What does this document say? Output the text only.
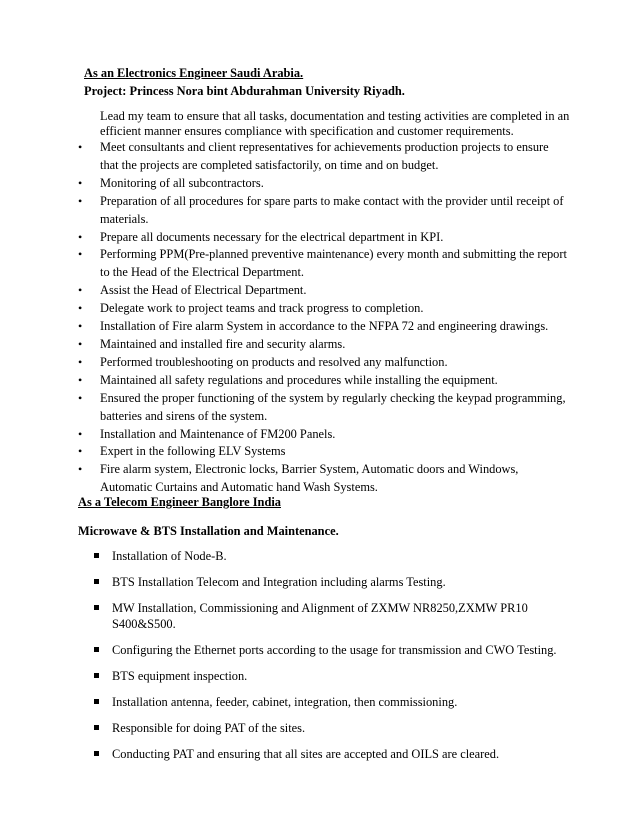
As an Electronics Engineer Saudi Arabia.
Project: Princess Nora bint Abdurahman University Riyadh.
Lead my team to ensure that all tasks, documentation and testing activities are completed in an efficient manner ensures compliance with specification and customer requirements.
• Meet consultants and client representatives for achievements production projects to ensure that the projects are completed satisfactorily, on time and on budget.
• Monitoring of all subcontractors.
• Preparation of all procedures for spare parts to make contact with the provider until receipt of materials.
• Prepare all documents necessary for the electrical department in KPI.
• Performing PPM(Pre-planned preventive maintenance) every month and submitting the report to the Head of the Electrical Department.
• Assist the Head of Electrical Department.
• Delegate work to project teams and track progress to completion.
• Installation of Fire alarm System in accordance to the NFPA 72 and engineering drawings.
• Maintained and installed fire and security alarms.
• Performed troubleshooting on products and resolved any malfunction.
• Maintained all safety regulations and procedures while installing the equipment.
• Ensured the proper functioning of the system by regularly checking the keypad programming, batteries and sirens of the system.
• Installation and Maintenance of FM200 Panels.
• Expert in the following ELV Systems
• Fire alarm system, Electronic locks, Barrier System, Automatic doors and Windows, Automatic Curtains and Automatic hand Wash Systems.
As a Telecom Engineer Banglore India
Microwave & BTS Installation and Maintenance.
Installation of Node-B.
BTS Installation Telecom and Integration including alarms Testing.
MW Installation, Commissioning and Alignment of ZXMW NR8250,ZXMW PR10 S400&S500.
Configuring the Ethernet ports according to the usage for transmission and CWO Testing.
BTS equipment inspection.
Installation antenna, feeder, cabinet, integration, then commissioning.
Responsible for doing PAT of the sites.
Conducting PAT and ensuring that all sites are accepted and OILS are cleared.
